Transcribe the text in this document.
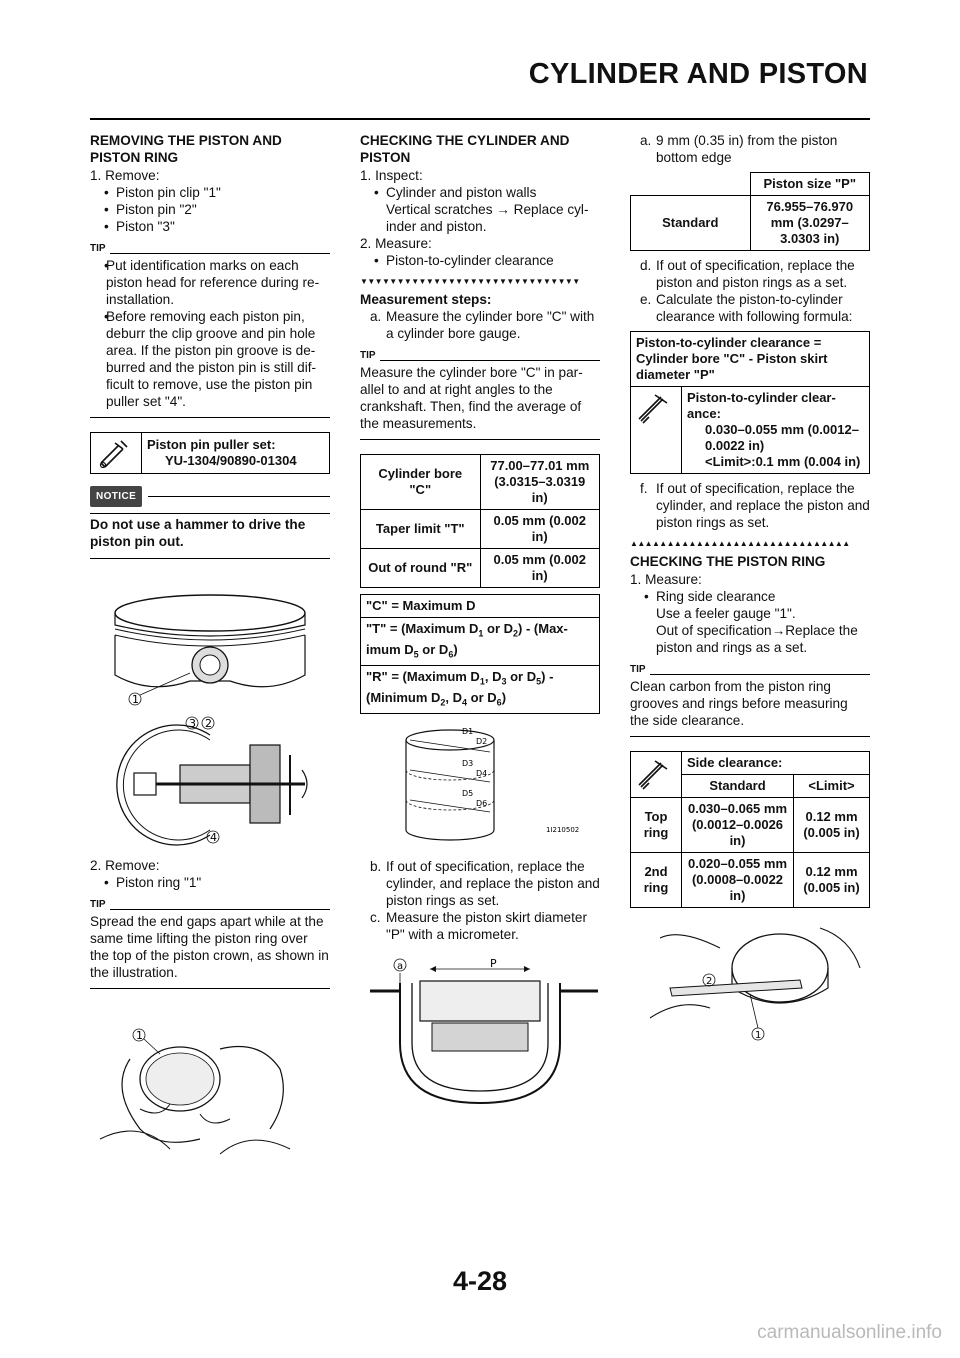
CYLINDER AND PISTON
REMOVING THE PISTON AND PISTON RING
1. Remove:
• Piston pin clip "1"
• Piston pin "2"
• Piston "3"
TIP
• Put identification marks on each piston head for reference during re-installation.
• Before removing each piston pin, deburr the clip groove and pin hole area. If the piston pin groove is de-burred and the piston pin is still dif-ficult to remove, use the piston pin puller set "4".

Piston pin puller set:
YU-1304/90890-01304
NOTICE
Do not use a hammer to drive the piston pin out.
1
3 2
4
2. Remove:
• Piston ring "1"
TIP
Spread the end gaps apart while at the same time lifting the piston ring over the top of the piston crown, as shown in the illustration.
1
CHECKING THE CYLINDER AND PISTON
1. Inspect:
• Cylinder and piston walls
Vertical scratches → Replace cyl-inder and piston.
2. Measure:
• Piston-to-cylinder clearance
▼▼▼▼▼▼▼▼▼▼▼▼▼▼▼▼▼▼▼▼▼▼▼▼▼▼▼▼▼▼
Measurement steps:
a. Measure the cylinder bore "C" with a cylinder bore gauge.
TIP
Measure the cylinder bore "C" in par-allel to and at right angles to the crankshaft. Then, find the average of the measurements.
Cylinder bore "C"	77.00–77.01 mm (3.0315–3.0319 in)
Taper limit "T"	0.05 mm (0.002 in)
Out of round "R"	0.05 mm (0.002 in)
"C" = Maximum D
"T" = (Maximum $D_1$ or $D_2$) - (Max-imum $D_5$ or $D_6$)
"R" = (Maximum $D_1$, $D_3$ or $D_5$) - (Minimum $D_2$, $D_4$ or $D_6$)
D1
D2
D3
D4
D5
D6
1I210502
b. If out of specification, replace the cylinder, and replace the piston and piston rings as set.
c. Measure the piston skirt diameter "P" with a micrometer.
P
a
a. 9 mm (0.35 in) from the piston bottom edge
	Piston size "P"
Standard	76.955–76.970 mm (3.0297–3.0303 in)
d. If out of specification, replace the piston and piston rings as a set.
e. Calculate the piston-to-cylinder clearance with following formula:
Piston-to-cylinder clearance = Cylinder bore "C" - Piston skirt diameter "P"

Piston-to-cylinder clear-ance:
0.030–0.055 mm (0.0012–0.0022 in)
<Limit>:0.1 mm (0.004 in)
f. If out of specification, replace the cylinder, and replace the piston and piston rings as set.
▲▲▲▲▲▲▲▲▲▲▲▲▲▲▲▲▲▲▲▲▲▲▲▲▲▲▲▲▲▲
CHECKING THE PISTON RING
1. Measure:
• Ring side clearance
Use a feeler gauge "1".
Out of specification→Replace the piston and rings as a set.
TIP
Clean carbon from the piston ring grooves and rings before measuring the side clearance.
	Side clearance:	
	Standard	<Limit>
Top ring	0.030–0.065 mm (0.0012–0.0026 in)	0.12 mm (0.005 in)
2nd ring	0.020–0.055 mm (0.0008–0.0022 in)	0.12 mm (0.005 in)
2
1
4-28
carmanualsonline.info
